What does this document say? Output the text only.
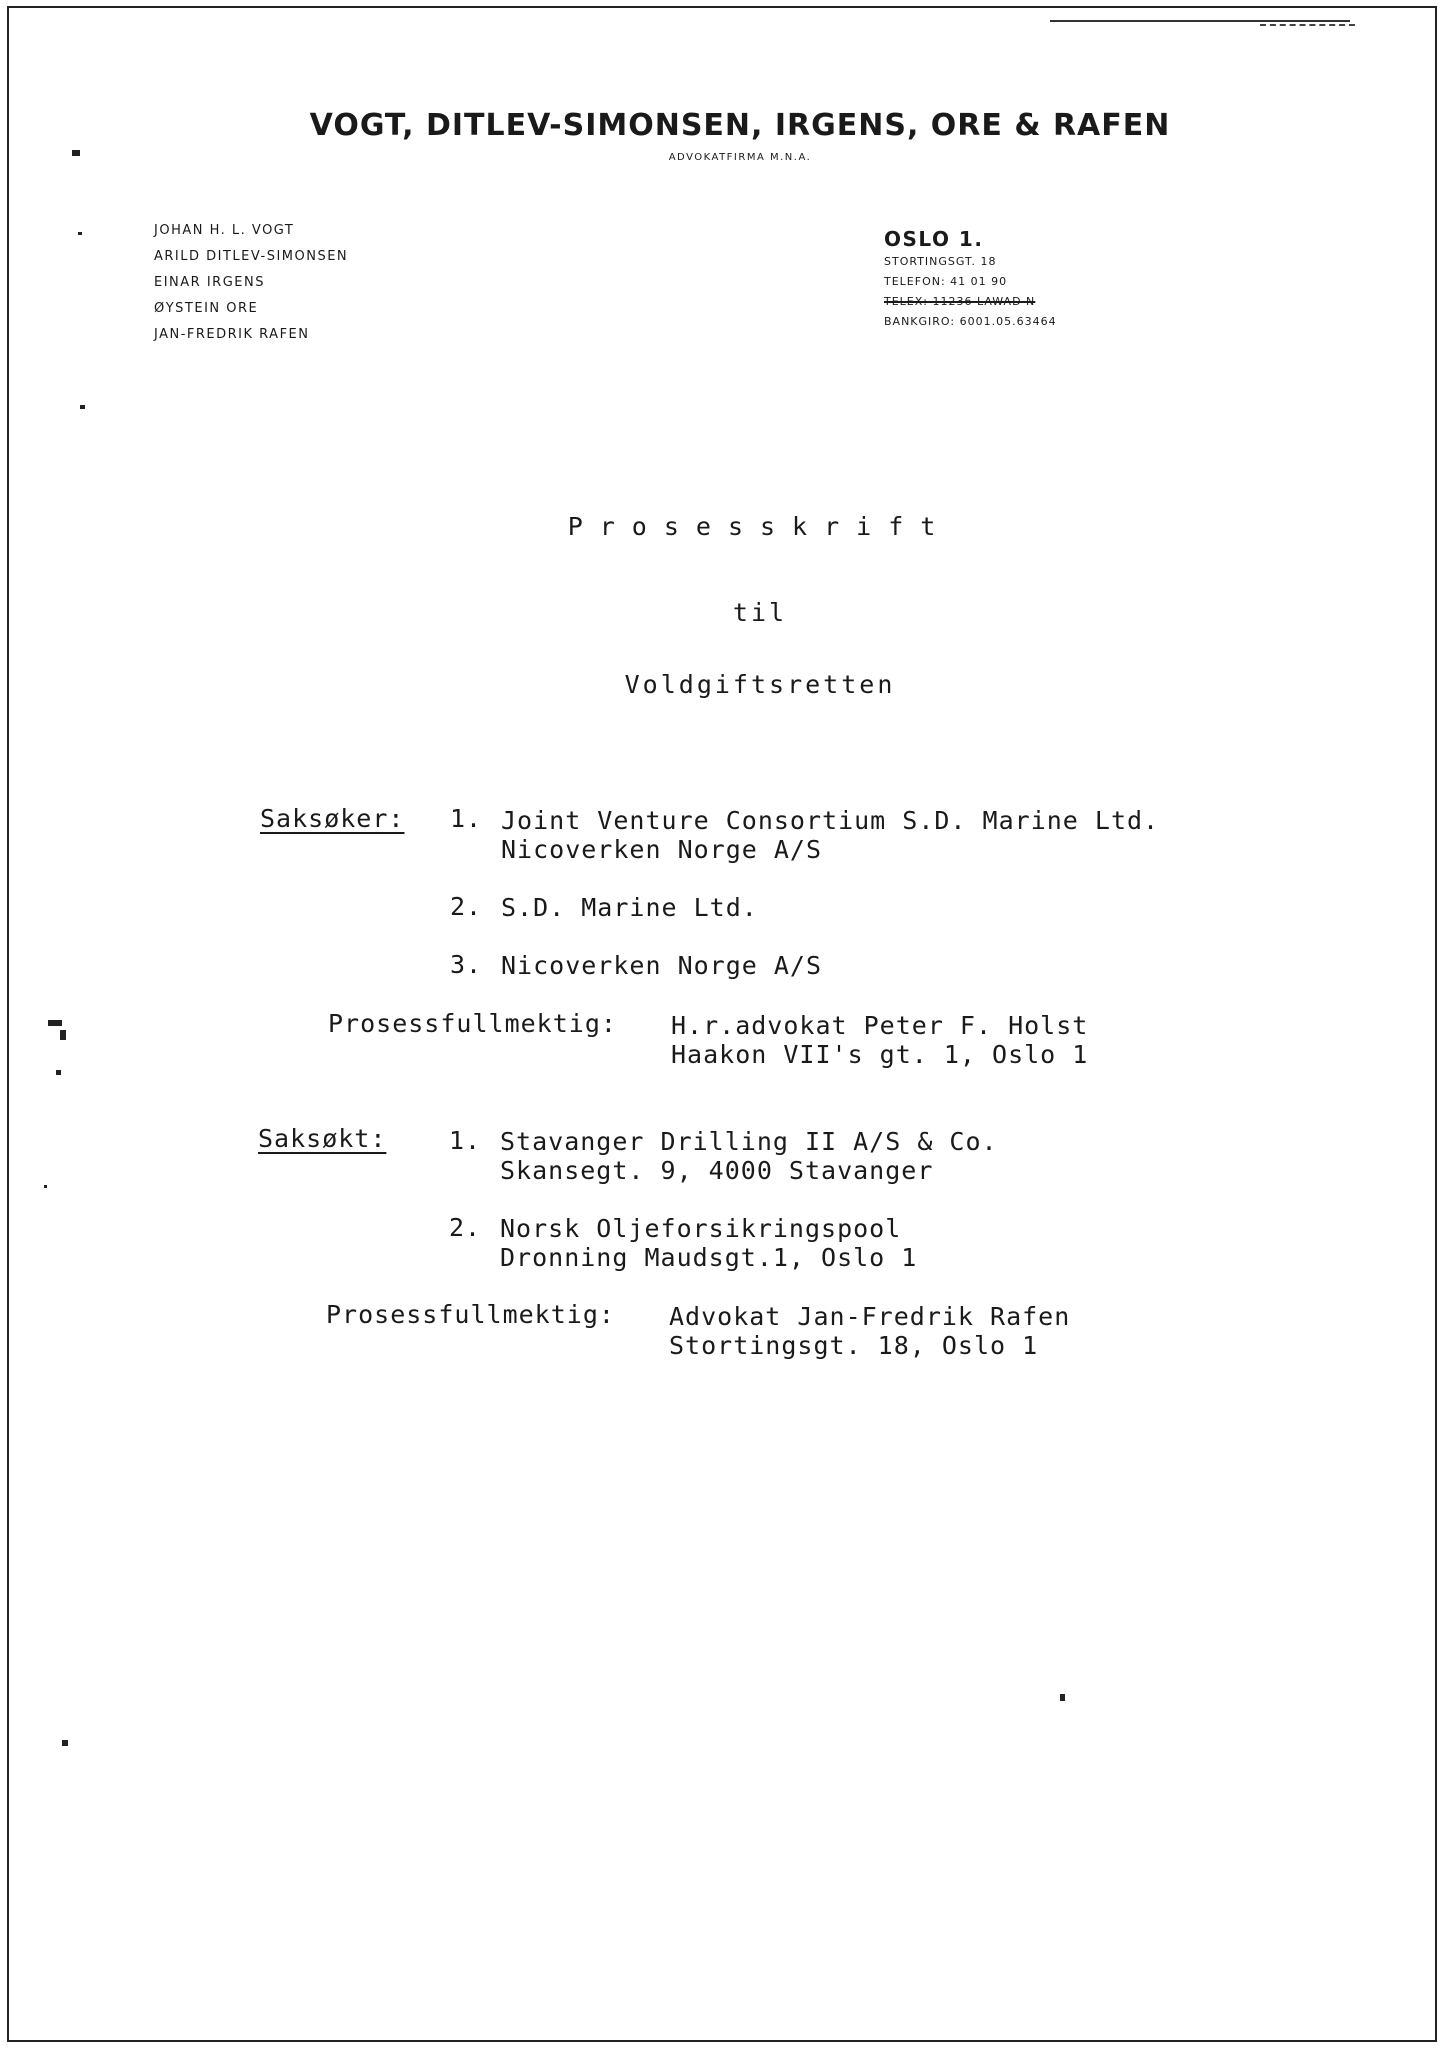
VOGT, DITLEV-SIMONSEN, IRGENS, ORE & RAFEN
ADVOKATFIRMA M.N.A.
JOHAN H. L. VOGT
ARILD DITLEV-SIMONSEN
EINAR IRGENS
ØYSTEIN ORE
JAN-FREDRIK RAFEN
OSLO 1.
STORTINGSGT. 18
TELEFON: 41 01 90
TELEX: 11236 LAWAD N
BANKGIRO: 6001.05.63464
Prosesskrift
til
Voldgiftsretten
Saksøker: 1. Joint Venture Consortium S.D. Marine Ltd.
Nicoverken Norge A/S
2. S.D. Marine Ltd.
3. Nicoverken Norge A/S
Prosessfullmektig: H.r.advokat Peter F. Holst
Haakon VII's gt. 1, Oslo 1
Saksøkt:	1. Stavanger Drilling II A/S & Co.
Skansegt. 9, 4000 Stavanger
2. Norsk Oljeforsikringspool
Dronning Maudsgt.1, Oslo 1
Prosessfullmektig: Advokat Jan-Fredrik Rafen
Stortingsgt. 18, Oslo 1
